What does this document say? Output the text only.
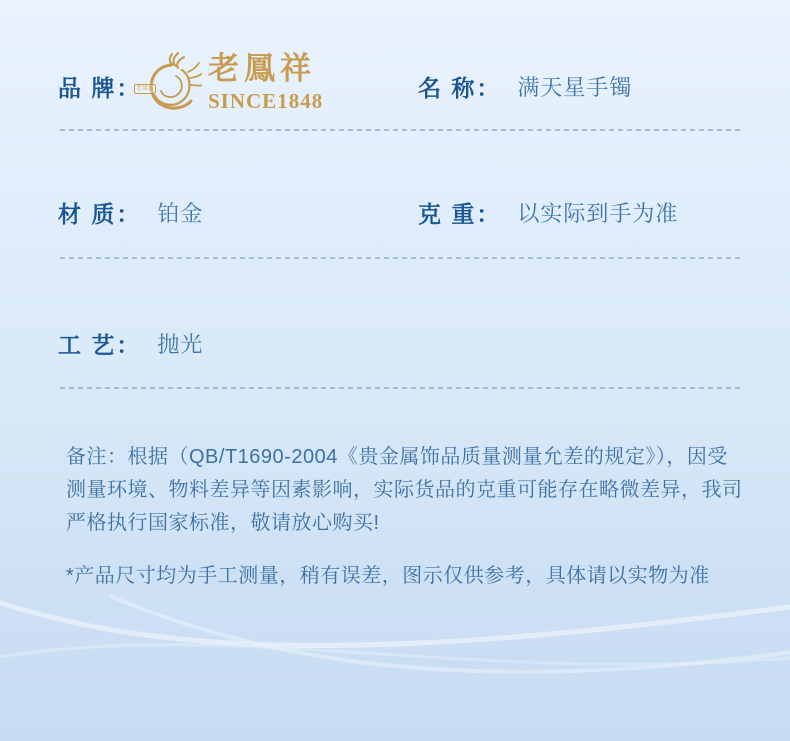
品 牌：
老凤祥
老鳳祥
SINCE1848	名 称： 满天星手镯
材 质： 铂金	克 重： 以实际到手为准
工 艺： 抛光

备注：根据（QB/T1690-2004《贵金属饰品质量测量允差的规定》），因受

测量环境、物料差异等因素影响，实际货品的克重可能存在略微差异，我司

严格执行国家标准，敬请放心购买!

*产品尺寸均为手工测量，稍有误差，图示仅供参考，具体请以实物为准
